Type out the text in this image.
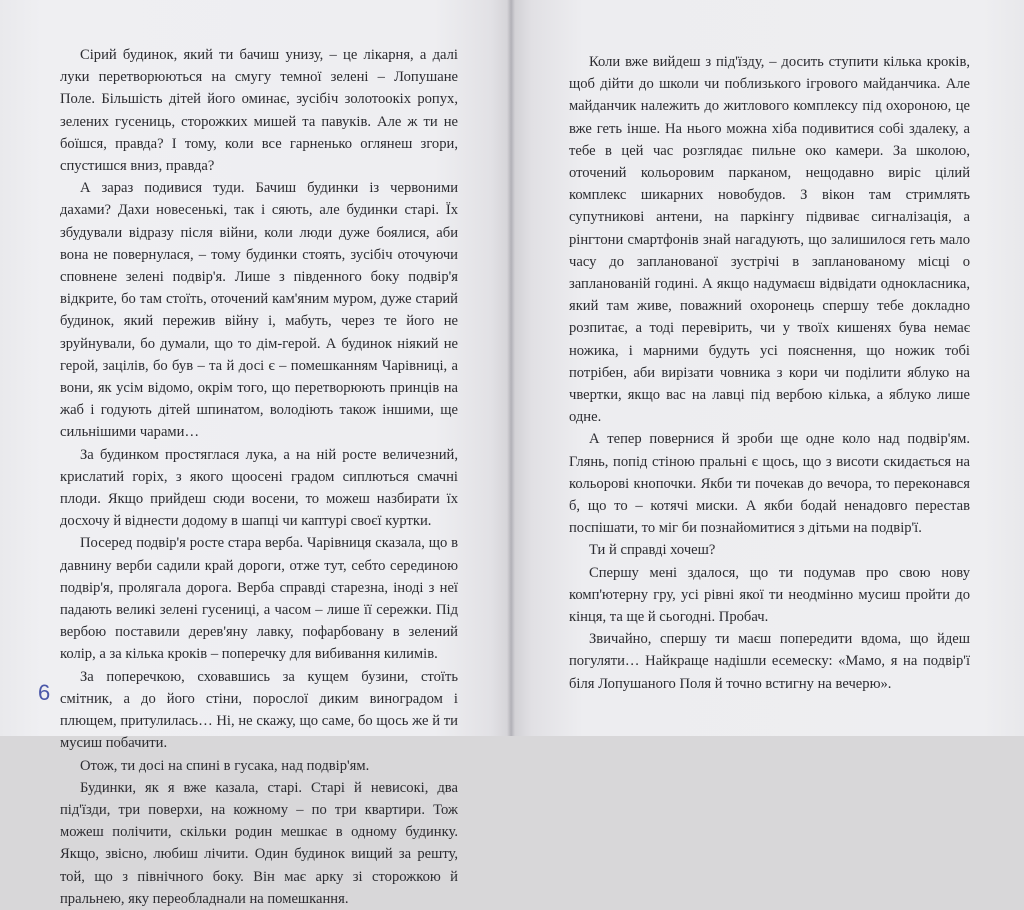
Сірий будинок, який ти бачиш унизу, – це лікарня, а далі луки перетворюються на смугу темної зелені – Лопушане Поле. Більшість дітей його оминає, зусібіч золотоокіх ропух, зелених гусениць, сторожких мишей та павуків. Але ж ти не боїшся, правда? І тому, коли все гарненько оглянеш згори, спустишся вниз, правда?

А зараз подивися туди. Бачиш будинки із червоними дахами? Дахи новесенькі, так і сяють, але будинки старі. Їх збудували відразу після війни, коли люди дуже боялися, аби вона не повернулася, – тому будинки стоять, зусібіч оточуючи сповнене зелені подвір'я. Лише з південного боку подвір'я відкрите, бо там стоїть, оточений кам'яним муром, дуже старий будинок, який пережив війну і, мабуть, через те його не зруйнували, бо думали, що то дім-герой. А будинок ніякий не герой, зацілів, бо був – та й досі є – помешканням Чарівниці, а вони, як усім відомо, окрім того, що перетворюють принців на жаб і годують дітей шпинатом, володіють також іншими, ще сильнішими чарами…

За будинком простяглася лука, а на ній росте величезний, крислатий горіх, з якого щоосені градом сиплються смачні плоди. Якщо прийдеш сюди восени, то можеш назбирати їх досхочу й віднести додому в шапці чи каптурі своєї куртки.

Посеред подвір'я росте стара верба. Чарівниця сказала, що в давнину верби садили край дороги, отже тут, себто серединою подвір'я, пролягала дорога. Верба справді старезна, іноді з неї падають великі зелені гусениці, а часом – лише її сережки. Під вербою поставили дерев'яну лавку, пофарбовану в зелений колір, а за кілька кроків – поперечку для вибивання килимів.

За поперечкою, сховавшись за кущем бузини, стоїть смітник, а до його стіни, порослої диким виноградом і плющем, притулилась… Ні, не скажу, що саме, бо щось же й ти мусиш побачити.

Отож, ти досі на спині в гусака, над подвір'ям.

Будинки, як я вже казала, старі. Старі й невисокі, два під'їзди, три поверхи, на кожному – по три квартири. Тож можеш полічити, скільки родин мешкає в одному будинку. Якщо, звісно, любиш лічити. Один будинок вищий за решту, той, що з північного боку. Він має арку зі сторожкою й пральнею, яку переобладнали на помешкання.

6

Коли вже вийдеш з під'їзду, – досить ступити кілька кроків, щоб дійти до школи чи поблизького ігрового майданчика. Але майданчик належить до житлового комплексу під охороною, це вже геть інше. На нього можна хіба подивитися собі здалеку, а тебе в цей час розглядає пильне око камери. За школою, оточений кольоровим парканом, нещодавно виріс цілий комплекс шикарних новобудов. З вікон там стримлять супутникові антени, на паркінгу підвиває сигналізація, а рінгтони смартфонів знай нагадують, що залишилося геть мало часу до запланованої зустрічі в запланованому місці о запланованій годині. А якщо надумаєш відвідати однокласника, який там живе, поважний охоронець спершу тебе докладно розпитає, а тоді перевірить, чи у твоїх кишенях бува немає ножика, і марними будуть усі пояснення, що ножик тобі потрібен, аби вирізати човника з кори чи поділити яблуко на чвертки, якщо вас на лавці під вербою кілька, а яблуко лише одне.

А тепер повернися й зроби ще одне коло над подвір'ям. Глянь, попід стіною пральні є щось, що з висоти скидається на кольорові кнопочки. Якби ти почекав до вечора, то переконався б, що то – котячі миски. А якби бодай ненадовго перестав поспішати, то міг би познайомитися з дітьми на подвір'ї.

Ти й справді хочеш?

Спершу мені здалося, що ти подумав про свою нову комп'ютерну гру, усі рівні якої ти неодмінно мусиш пройти до кінця, та ще й сьогодні. Пробач.

Звичайно, спершу ти маєш попередити вдома, що йдеш погуляти… Найкраще надішли есемеску: «Мамо, я на подвір'ї біля Лопушаного Поля й точно встигну на вечерю».
